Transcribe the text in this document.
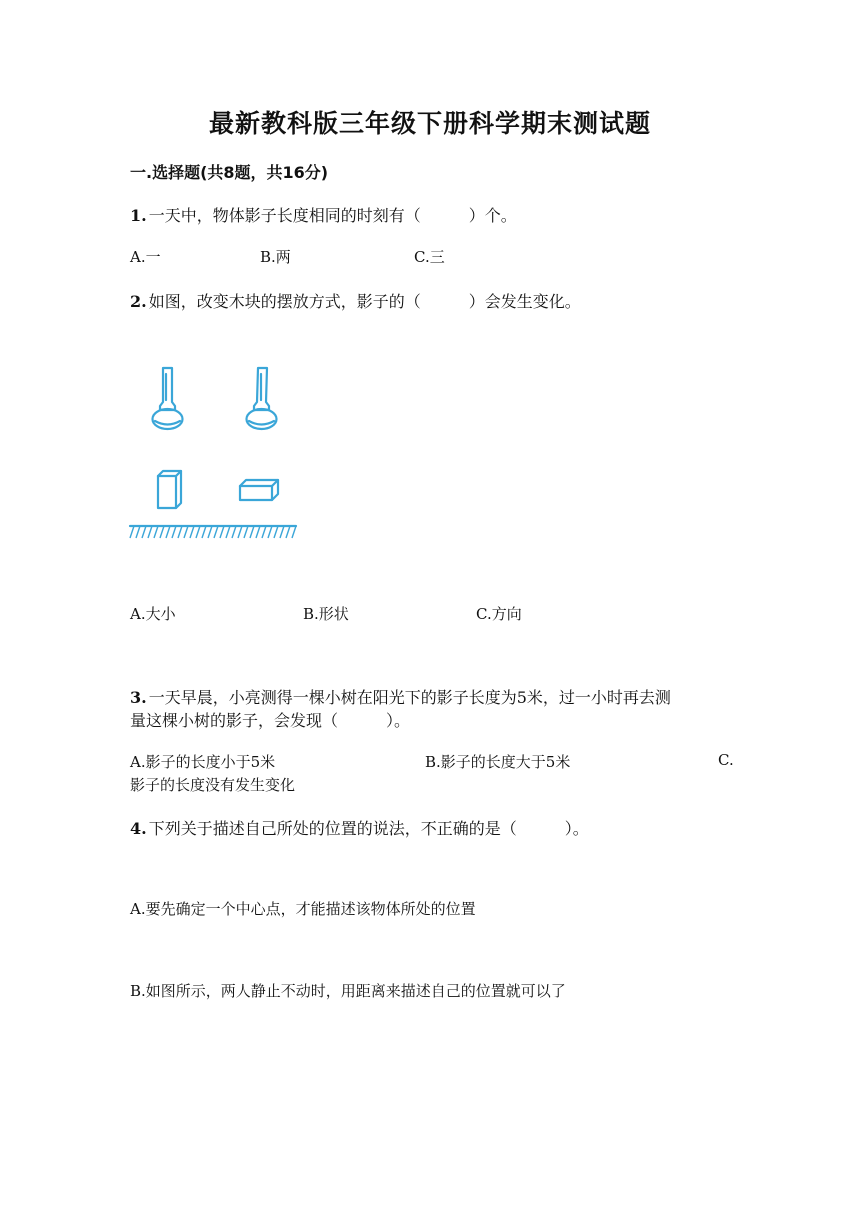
最新教科版三年级下册科学期末测试题
一.选择题(共8题，共16分)
1. 一天中，物体影子长度相同的时刻有（　　　）个。
A.一	B.两	C.三
2. 如图，改变木块的摆放方式，影子的（　　　）会发生变化。
A.大小	B.形状	C.方向
3. 一天早晨，小亮测得一棵小树在阳光下的影子长度为5米，过一小时再去测
量这棵小树的影子，会发现（　　　）。
A.影子的长度小于5米	B.影子的长度大于5米	C.
影子的长度没有发生变化
4. 下列关于描述自己所处的位置的说法，不正确的是（　　　）。
A.要先确定一个中心点，才能描述该物体所处的位置
B.如图所示，两人静止不动时，用距离来描述自己的位置就可以了
